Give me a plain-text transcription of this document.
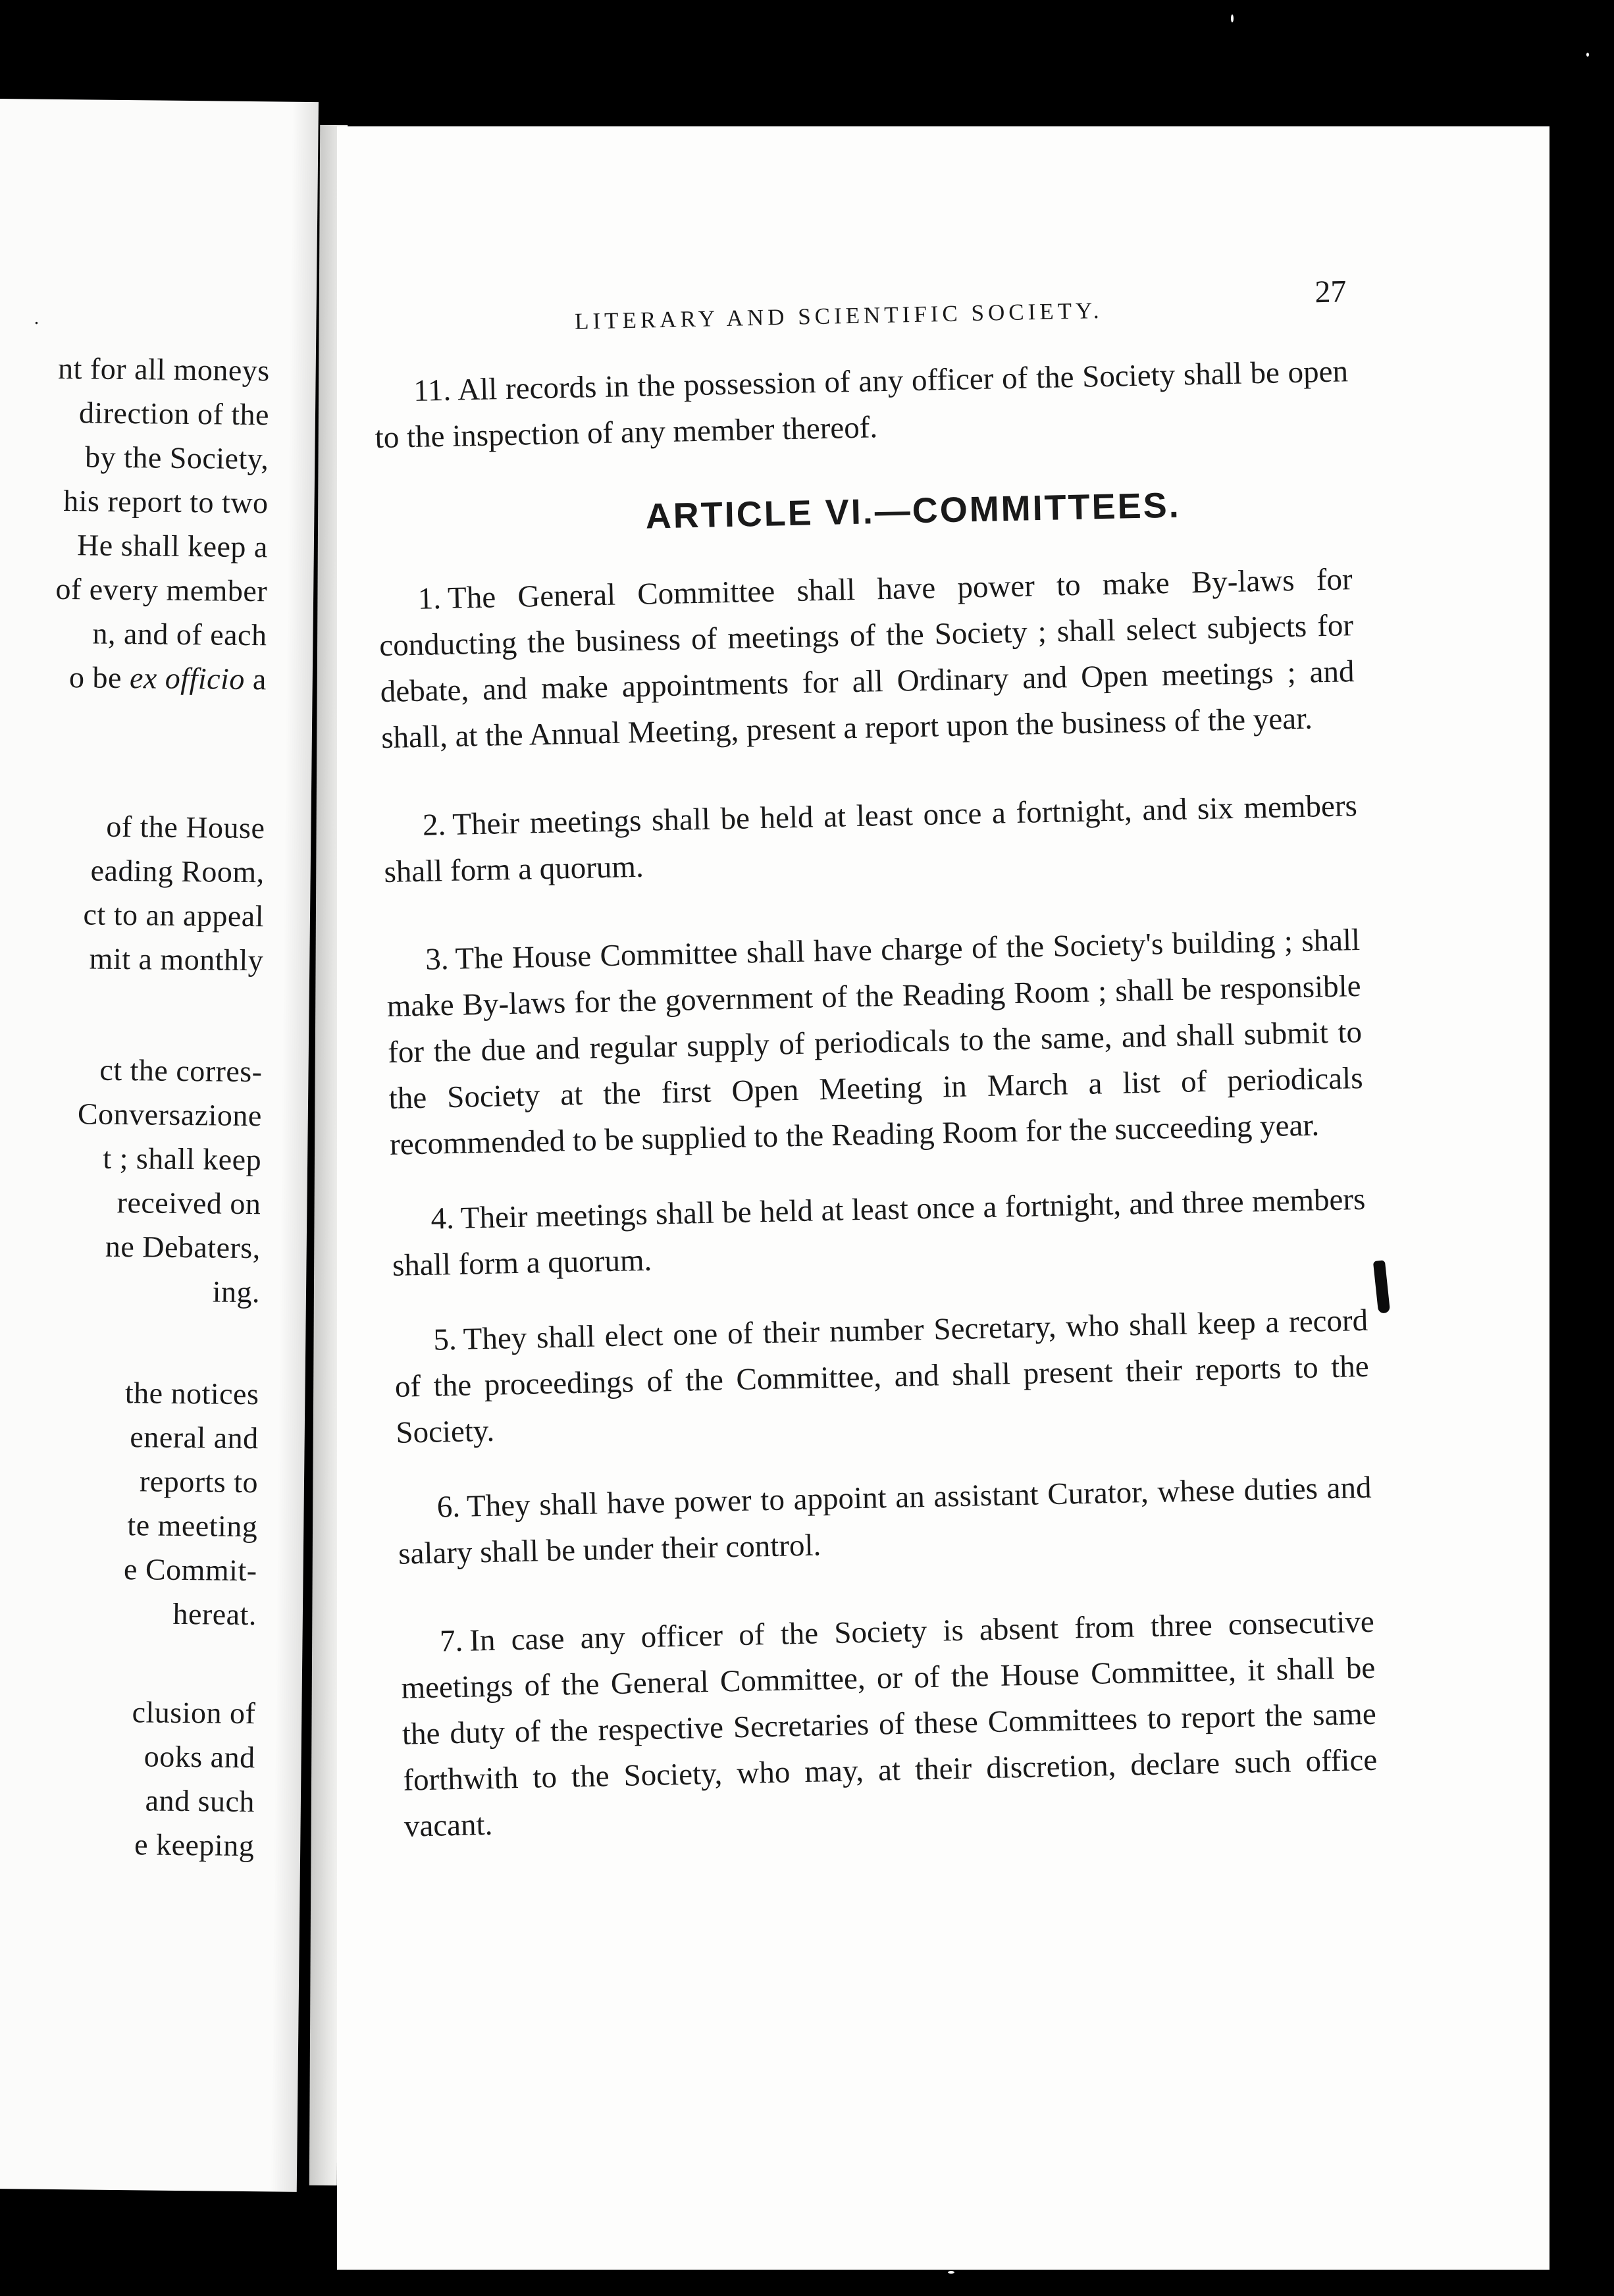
·
nt for all moneys
direction of the
by the Society,
his report to two
He shall keep a
of every member
n, and of each
o be ex officio a
of the House
eading Room,
ct to an appeal
mit a monthly
ct the corres-
Conversazione
t ; shall keep
received on
ne Debaters,
ing.
the notices
eneral and
reports to
te meeting
e Commit-
hereat.
clusion of
ooks and
and such
e keeping
LITERARY AND SCIENTIFIC SOCIETY.
27

11. All records in the possession of any officer of the Society shall be open to the inspection of any member thereof.

ARTICLE VI.—COMMITTEES.

1. The General Committee shall have power to make By-laws for conducting the business of meetings of the Society ; shall select subjects for debate, and make appointments for all Ordinary and Open meetings ; and shall, at the Annual Meeting, present a report upon the business of the year.

2. Their meetings shall be held at least once a fortnight, and six members shall form a quorum.

3. The House Committee shall have charge of the Society's building ; shall make By-laws for the government of the Reading Room ; shall be responsible for the due and regular supply of periodicals to the same, and shall submit to the Society at the first Open Meeting in March a list of periodicals recommended to be supplied to the Reading Room for the succeeding year.

4. Their meetings shall be held at least once a fortnight, and three members shall form a quorum.

5. They shall elect one of their number Secretary, who shall keep a record of the proceedings of the Committee, and shall present their reports to the Society.

6. They shall have power to appoint an assistant Curator, whese duties and salary shall be under their control.

7. In case any officer of the Society is absent from three consecutive meetings of the General Committee, or of the House Committee, it shall be the duty of the respective Secretaries of these Committees to report the same forthwith to the Society, who may, at their discretion, declare such office vacant.
